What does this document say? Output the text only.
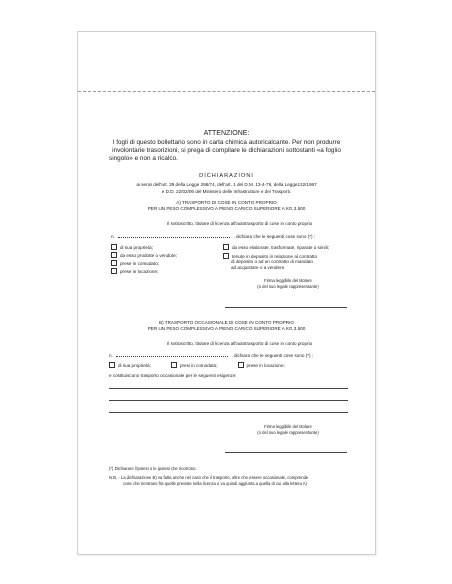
ATTENZIONE:
I fogli di questo bollettario sono in carta chimica autoricalcante. Per non produrre
involontarie trasorizioni, si prega di compilare le dichiarazioni sottostanti «a foglio
singolo» e non a ricalco.
DICHIARAZIONI
ai sensi dell'art. 39 della Legge 298/74, dell'art. 1 del D.M. 13-4-79, della Legge132/1987
e D.D. 22/02/06 del Ministero delle Infrastrutture e dei Trasporti.
A) TRASPORTO DI COSE IN CONTO PROPRIO
PER UN PESO COMPLESSIVO A PIENO CARICO SUPERIORE A KG 3.500
Il sottoscritto, titolare di licenza all'autotrasporto di cose in conto proprio
n.	, dichiara che le seguenti cose sono (*) :
di sua proprietà;
da esso prodotte o vendute;
prese in comodato;
prese in locazione;
da esso elaborate, trasformate, riparate o simili;
tenute in deposito in relazione al contratto
di deposito o ad un contratto di mandato
ad acquistare o a vendere.
Firma leggibile del titolare
(o del suo legale rappresentante)
B) TRASPORTO OCCASIONALE DI COSE IN CONTO PROPRIO
PER UN PESO COMPLESSIVO A PIENO CARICO SUPERIORE A KG 3.500
Il sottoscritto, titolare di licenza all'autotrasporto di cose in conto proprio
n.	, dichiara che le seguenti cose sono (*) :
di sua proprietà;	presi in comodato;	prese in locazione;
e costituiscono trasporto occasionale per le seguenti esigenze:
Firma leggibile del titolare
(o del suo legale rappresentante)
(*) Dichiarare l'ipotesi o le ipotesi che ricorrono.
N.B. - La dichiarazione B) va fatta anche nel caso che il trasporto, oltre che essere occasionale, comprende
cose che rientrano fra quelle previste nella licenza e va quindi aggiunta a quella di cui alla lettera A)
